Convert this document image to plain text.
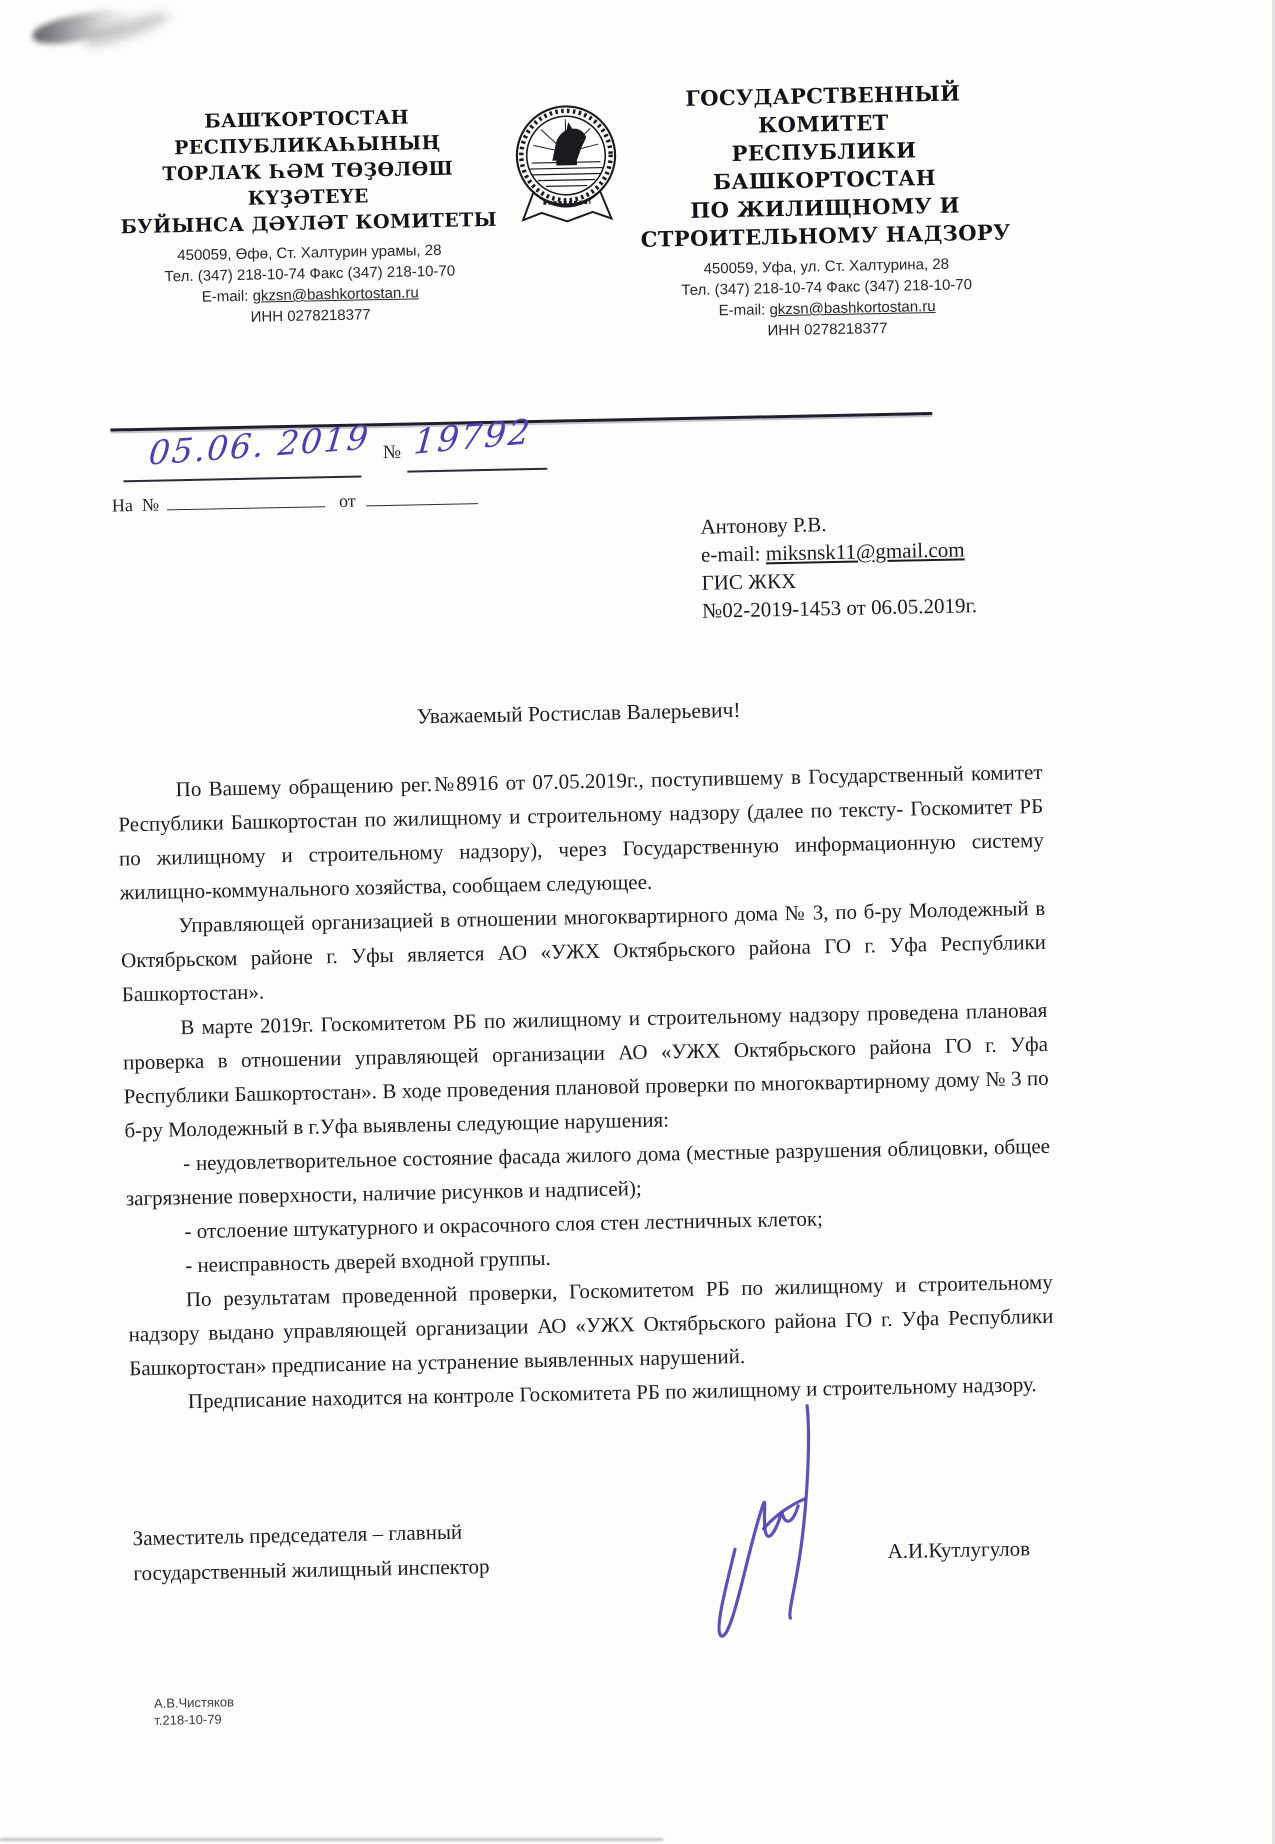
БАШҠОРТОСТАН РЕСПУБЛИКАҺЫНЫҢ
ТОРЛАҠ ҺӘМ ТӨҘӨЛӨШ КҮҘӘТЕҮЕ
БУЙЫНСА ДӘҮЛӘТ КОМИТЕТЫ
450059, Өфө, Ст. Халтурин урамы, 28
Тел. (347) 218-10-74 Факс (347) 218-10-70
E-mail: gkzsn@bashkortostan.ru
ИНН 0278218377
ГОСУДАРСТВЕННЫЙ КОМИТЕТ
РЕСПУБЛИКИ БАШКОРТОСТАН
ПО ЖИЛИЩНОМУ И
СТРОИТЕЛЬНОМУ НАДЗОРУ
450059, Уфа, ул. Ст. Халтурина, 28
Тел. (347) 218-10-74 Факс (347) 218-10-70
E-mail: gkzsn@bashkortostan.ru
ИНН 0278218377
05.06. 2019 № 19792
На  №	от
Антонову Р.В.
e-mail: miksnsk11@gmail.com
ГИС ЖКХ
№02-2019-1453 от 06.05.2019г.
Уважаемый Ростислав Валерьевич!

По Вашему обращению рег.№8916 от 07.05.2019г., поступившему в Государственный комитет Республики Башкортостан по жилищному и строительному надзору (далее по тексту- Госкомитет РБ по жилищному и строительному надзору), через Государственную информационную систему жилищно-коммунального хозяйства, сообщаем следующее.

Управляющей организацией в отношении многоквартирного дома № 3, по б-ру Молодежный в Октябрьском районе г. Уфы является АО «УЖХ Октябрьского района ГО г. Уфа Республики Башкортостан».

В марте 2019г. Госкомитетом РБ по жилищному и строительному надзору проведена плановая проверка в отношении управляющей организации АО «УЖХ Октябрьского района ГО г. Уфа Республики Башкортостан». В ходе проведения плановой проверки по многоквартирному дому № 3 по б-ру Молодежный в г.Уфа выявлены следующие нарушения:

- неудовлетворительное состояние фасада жилого дома (местные разрушения облицовки, общее загрязнение поверхности, наличие рисунков и надписей);

- отслоение штукатурного и окрасочного слоя стен лестничных клеток;

- неисправность дверей входной группы.

По результатам проведенной проверки, Госкомитетом РБ по жилищному и строительному надзору выдано управляющей организации АО «УЖХ Октябрьского района ГО г. Уфа Республики Башкортостан» предписание на устранение выявленных нарушений.

Предписание находится на контроле Госкомитета РБ по жилищному и строительному надзору.

Заместитель председателя – главный
государственный жилищный инспектор
А.И.Кутлугулов
А.В.Чистяков
т.218-10-79
